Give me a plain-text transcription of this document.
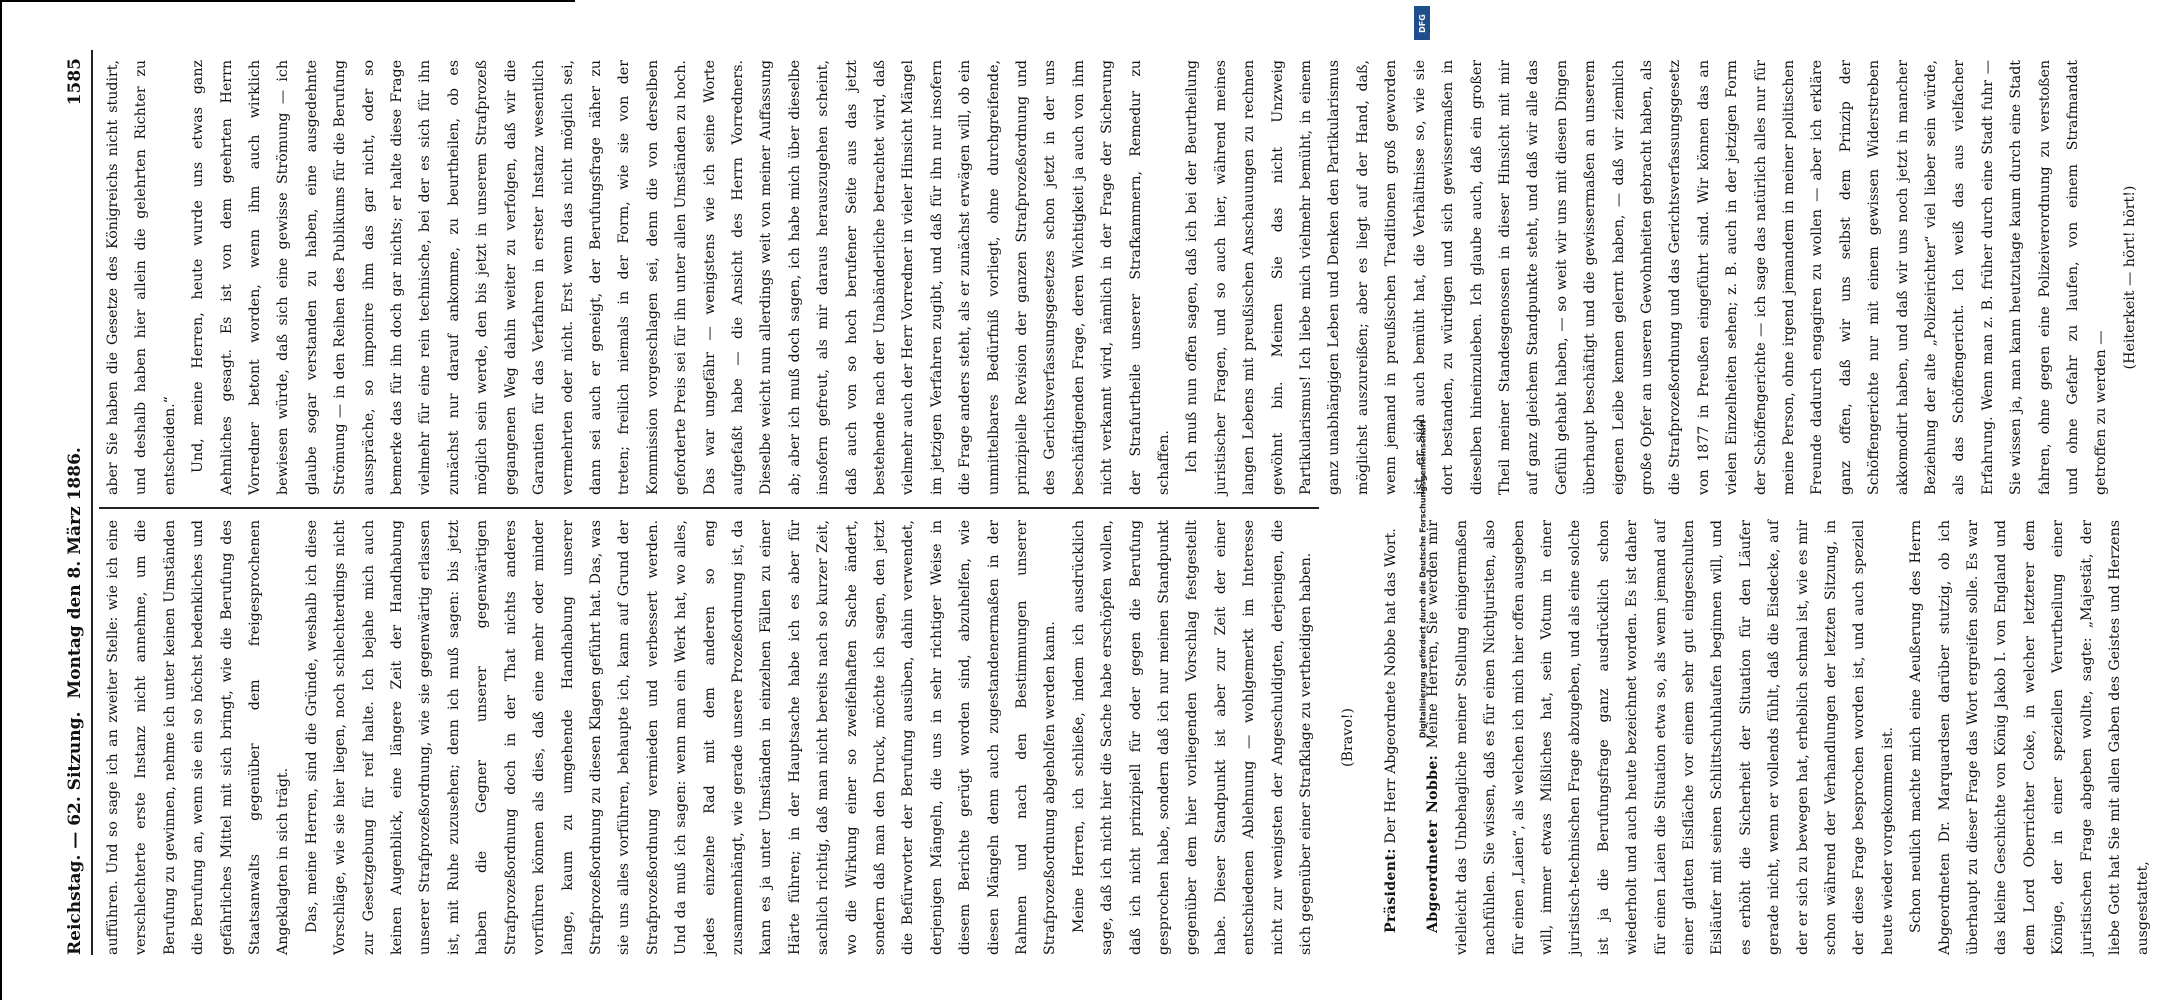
Reichstag. — 62. Sitzung.
Montag den 8. März 1886.  1585

aufführen. Und so sage ich an zweiter Stelle: wie ich eine verschlechterte erste Instanz nicht annehme, um die Berufung zu gewinnen, nehme ich unter keinen Umständen die Berufung an, wenn sie ein so höchst bedenkliches und gefährliches Mittel mit sich bringt, wie die Berufung des Staatsanwalts gegenüber dem freigesprochenen Angeklagten in sich trägt. Das, meine Herren, sind die Gründe, weshalb ich diese Vorschläge, wie sie hier liegen, noch schlechterdings nicht zur Gesetzgebung für reif halte. Ich bejahe mich auch keinen Augenblick, eine längere Zeit der Handhabung unserer Strafprozeßordnung, wie sie gegenwärtig erlassen ist, mit Ruhe zuzusehen; denn ich muß sagen: bis jetzt haben die Gegner unserer gegenwärtigen Strafprozeßordnung doch in der That nichts anderes vorführen können als dies, daß eine mehr oder minder lange, kaum zu umgehende Handhabung unserer Strafprozeßordnung zu diesen Klagen geführt hat. Das, was sie uns alles vorführen, behaupte ich, kann auf Grund der Strafprozeßordnung vermieden und verbessert werden. Und da muß ich sagen: wenn man ein Werk hat, wo alles, jedes einzelne Rad mit dem anderen so eng zusammenhängt, wie gerade unsere Prozeßordnung ist, da kann es ja unter Umständen in einzelnen Fällen zu einer Härte führen; in der Hauptsache habe ich es aber für sachlich richtig, daß man nicht bereits nach so kurzer Zeit, wo die Wirkung einer so zweifelhaften Sache ändert, sondern daß man den Druck, möchte ich sagen, den jetzt die Befürworter der Berufung ausüben, dahin verwendet, derjenigen Mängeln, die uns in sehr richtiger Weise in diesem Berichte gerügt worden sind, abzuhelfen, wie diesen Mängeln denn auch zugestandenermaßen in der Rahmen und nach den Bestimmungen unserer Strafprozeßordnung abgeholfen werden kann. Meine Herren, ich schließe, indem ich ausdrücklich sage, daß ich nicht hier die Sache habe erschöpfen wollen, daß ich nicht prinzipiell für oder gegen die Berufung gesprochen habe, sondern daß ich nur meinen Standpunkt gegenüber dem hier vorliegenden Vorschlag festgestellt habe. Dieser Standpunkt ist aber zur Zeit der einer entschiedenen Ablehnung — wohlgemerkt im Interesse nicht zur wenigsten der Angeschuldigten, derjenigen, die sich gegenüber einer Strafklage zu vertheidigen haben.	(Bravo!)

Präsident: Der Herr Abgeordnete Nobbe hat das Wort.

Abgeordneter Nobbe: Meine Herren, Sie werden mir vielleicht das Unbehagliche meiner Stellung einigermaßen nachfühlen. Sie wissen, daß es für einen Nichtjuristen, also für einen „Laien“, als welchen ich mich hier offen ausgeben will, immer etwas Mißliches hat, sein Votum in einer juristisch-technischen Frage abzugeben, und als eine solche ist ja die Berufungsfrage ganz ausdrücklich schon wiederholt und auch heute bezeichnet worden. Es ist daher für einen Laien die Situation etwa so, als wenn jemand auf einer glatten Eisfläche vor einem sehr gut eingeschulten Eisläufer mit seinen Schlittschuhlaufen beginnen will, und es erhöht die Sicherheit der Situation für den Läufer gerade nicht, wenn er vollends fühlt, daß die Eisdecke, auf der er sich zu bewegen hat, erheblich schmal ist, wie es mir schon während der Verhandlungen der letzten Sitzung, in der diese Frage besprochen worden ist, und auch speziell heute wieder vorgekommen ist. Schon neulich machte mich eine Aeußerung des Herrn Abgeordneten Dr. Marquardsen darüber stutzig, ob ich überhaupt zu dieser Frage das Wort ergreifen solle. Es war das kleine Geschichte von König Jakob I. von England und dem Lord Oberrichter Coke, in welcher letzterer dem Könige, der in einer speziellen Verurtheilung einer juristischen Frage abgeben wollte, sagte: „Majestät, der liebe Gott hat Sie mit allen Gaben des Geistes und Herzens ausgestattet,

aber Sie haben die Gesetze des Königreichs nicht studirt, und deshalb haben hier allein die gelehrten Richter zu entscheiden.“ Und, meine Herren, heute wurde uns etwas ganz Aehnliches gesagt. Es ist von dem geehrten Herrn Vorredner betont worden, wenn ihm auch wirklich bewiesen würde, daß sich eine gewisse Strömung — ich glaube sogar verstanden zu haben, eine ausgedehnte Strömung — in den Reihen des Publikums für die Berufung ausspräche, so imponire ihm das gar nicht, oder so bemerke das für ihn doch gar nichts; er halte diese Frage vielmehr für eine rein technische, bei der es sich für ihn zunächst nur darauf ankomme, zu beurtheilen, ob es möglich sein werde, den bis jetzt in unserem Strafprozeß gegangenen Weg dahin weiter zu verfolgen, daß wir die Garantien für das Verfahren in erster Instanz wesentlich vermehrten oder nicht. Erst wenn das nicht möglich sei, dann sei auch er geneigt, der Berufungsfrage näher zu treten; freilich niemals in der Form, wie sie von der Kommission vorgeschlagen sei, denn die von derselben geforderte Preis sei für ihn unter allen Umständen zu hoch. Das war ungefähr — wenigstens wie ich seine Worte aufgefaßt habe — die Ansicht des Herrn Vorredners. Dieselbe weicht nun allerdings weit von meiner Auffassung ab; aber ich muß doch sagen, ich habe mich über dieselbe insofern gefreut, als mir daraus herauszugehen scheint, daß auch von so hoch berufener Seite aus das jetzt bestehende nach der Unabänderliche betrachtet wird, daß vielmehr auch der Herr Vorredner in vieler Hinsicht Mängel im jetzigen Verfahren zugibt, und daß für ihn nur insofern die Frage anders steht, als er zunächst erwägen will, ob ein unmittelbares Bedürfniß vorliegt, ohne durchgreifende, prinzipielle Revision der ganzen Strafprozeßordnung und des Gerichtsverfassungsgesetzes schon jetzt in der uns beschäftigenden Frage, deren Wichtigkeit ja auch von ihm nicht verkannt wird, nämlich in der Frage der Sicherung der Strafurtheile unserer Strafkammern, Remedur zu schaffen. Ich muß nun offen sagen, daß ich bei der Beurtheilung juristischer Fragen, und so auch hier, während meines langen Lebens mit preußischen Anschauungen zu rechnen gewöhnt bin. Meinen Sie das nicht Unzweig Partikularismus! Ich liebe mich vielmehr bemüht, in einem ganz unabhängigen Leben und Denken den Partikularismus möglichst auszureißen; aber es liegt auf der Hand, daß, wenn jemand in preußischen Traditionen groß geworden ist, er sich auch bemüht hat, die Verhältnisse so, wie sie dort bestanden, zu würdigen und sich gewissermaßen in dieselben hineinzuleben. Ich glaube auch, daß ein großer Theil meiner Standesgenossen in dieser Hinsicht mit mir auf ganz gleichem Standpunkte steht, und daß wir alle das Gefühl gehabt haben, — so weit wir uns mit diesen Dingen überhaupt beschäftigt und die gewissermaßen an unserem eigenen Leibe kennen gelernt haben, — daß wir ziemlich große Opfer an unseren Gewohnheiten gebracht haben, als die Strafprozeßordnung und das Gerichtsverfassungsgesetz von 1877 in Preußen eingeführt sind. Wir können das an vielen Einzelheiten sehen; z. B. auch in der jetzigen Form der Schöffengerichte — ich sage das natürlich alles nur für meine Person, ohne irgend jemandem in meiner politischen Freunde dadurch engagiren zu wollen — aber ich erkläre ganz offen, daß wir uns selbst dem Prinzip der Schöffengerichte nur mit einem gewissen Widerstreben akkomodirt haben, und daß wir uns noch jetzt in mancher Beziehung der alte „Polizeirichter“ viel lieber sein würde, als das Schöffengericht. Ich weiß das aus vielfacher Erfahrung. Wenn man z. B. früher durch eine Stadt fuhr — Sie wissen ja, man kann heutzutage kaum durch eine Stadt fahren, ohne gegen eine Polizeiverordnung zu verstoßen und ohne Gefahr zu laufen, von einem Strafmandat getroffen zu werden —

(Heiterkeit — hört! hört!)

Digitalisierung gefördert durch die Deutsche Forschungsgemeinschaft
DFG
